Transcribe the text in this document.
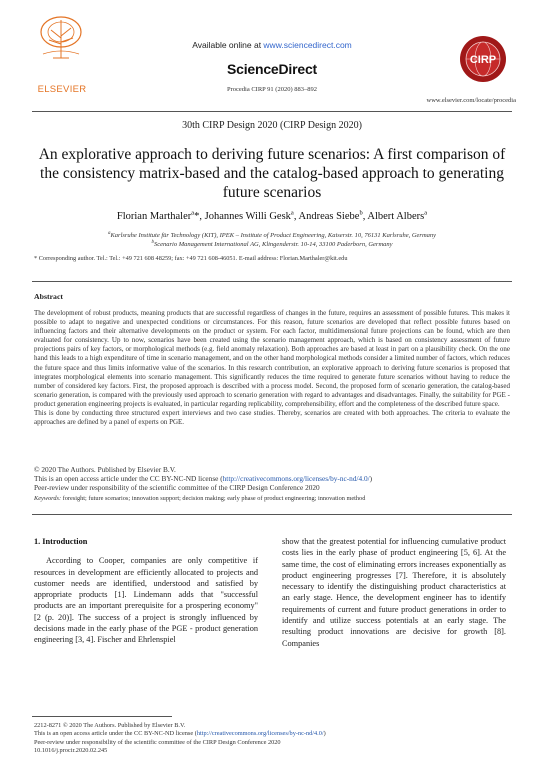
ELSEVIER
Available online at www.sciencedirect.com
ScienceDirect
Procedia CIRP 91 (2020) 883–892
CIRP
www.elsevier.com/locate/procedia
30th CIRP Design 2020 (CIRP Design 2020)
An explorative approach to deriving future scenarios: A first comparison of the consistency matrix-based and the catalog-based approach to generating future scenarios
Florian Marthaler$^a$*, Johannes Willi Gesk$^a$, Andreas Siebe$^b$, Albert Albers$^a$
$^a$Karlsruhe Institute für Technology (KIT), IPEK – Institute of Product Engineering, Kaiserstr. 10, 76131 Karlsruhe, Germany
$^b$Scenario Management International AG, Klingenderstr. 10-14, 33100 Paderborn, Germany
* Corresponding author. Tel.: Tel.: +49 721 608 48259; fax: +49 721 608-46051. E-mail address: Florian.Marthaler@kit.edu
Abstract

The development of robust products, meaning products that are successful regardless of changes in the future, requires an assessment of possible futures. This makes it possible to adapt to negative and unexpected conditions or circumstances. For this reason, future scenarios are developed that reflect possible futures based on influencing factors and their alternative developments on the product or system. For each factor, multidimensional future projections can be found, which are then evaluated for consistency. Up to now, scenarios have been created using the scenario management approach, which is based on consistency assessment of future projections pairs of key factors, or morphological methods (e.g. field anomaly relaxation). Both approaches are based at least in part on a plausibility check. On the one hand this leads to a high expenditure of time in scenario management, and on the other hand morphological methods consider a limited number of factors, which reduces the future space and thus limits informative value of the scenarios. In this research contribution, an explorative approach to deriving future scenarios is proposed that integrates morphological elements into scenario management. This significantly reduces the time required to generate future scenarios without having to reduce the number of considered key factors. First, the proposed approach is described with a process model. Second, the proposed form of scenario generation, the catalog-based scenario generation, is compared with the previously used approach to scenario generation with regard to advantages and disadvantages. Finally, the suitability for PGE - product generation engineering projects is evaluated, in particular regarding replicability, comprehensibility, effort and the completeness of the described future space.

This is done by conducting three structured expert interviews and two case studies. Thereby, scenarios are created with both approaches. The criteria to evaluate the approaches are defined by a panel of experts on PGE.

© 2020 The Authors. Published by Elsevier B.V.

This is an open access article under the CC BY-NC-ND license (http://creativecommons.org/licenses/by-nc-nd/4.0/)

Peer-review under responsibility of the scientific committee of the CIRP Design Conference 2020

Keywords: foresight; future scenarios; innovation support; decision making; early phase of product engineering; innovation method
1. Introduction

According to Cooper, companies are only competitive if resources in development are efficiently allocated to projects and customer needs are identified, understood and satisfied by appropriate products [1]. Lindemann adds that "successful products are an important prerequisite for a prospering economy" [2 (p. 20)]. The success of a project is strongly influenced by decisions made in the early phase of the PGE - product generation engineering [3, 4]. Fischer and Ehrlenspiel

show that the greatest potential for influencing cumulative product costs lies in the early phase of product engineering [5, 6]. At the same time, the cost of eliminating errors increases exponentially as product engineering progresses [7]. Therefore, it is absolutely necessary to identify the distinguishing product characteristics at an early stage. Hence, the development engineer has to identify requirements of current and future product generations in order to identify and utilize success potentials at an early stage. The resulting product innovations are decisive for growth [8]. Companies

2212-8271 © 2020 The Authors. Published by Elsevier B.V.

This is an open access article under the CC BY-NC-ND license (http://creativecommons.org/licenses/by-nc-nd/4.0/)

Peer-review under responsibility of the scientific committee of the CIRP Design Conference 2020

10.1016/j.procir.2020.02.245
